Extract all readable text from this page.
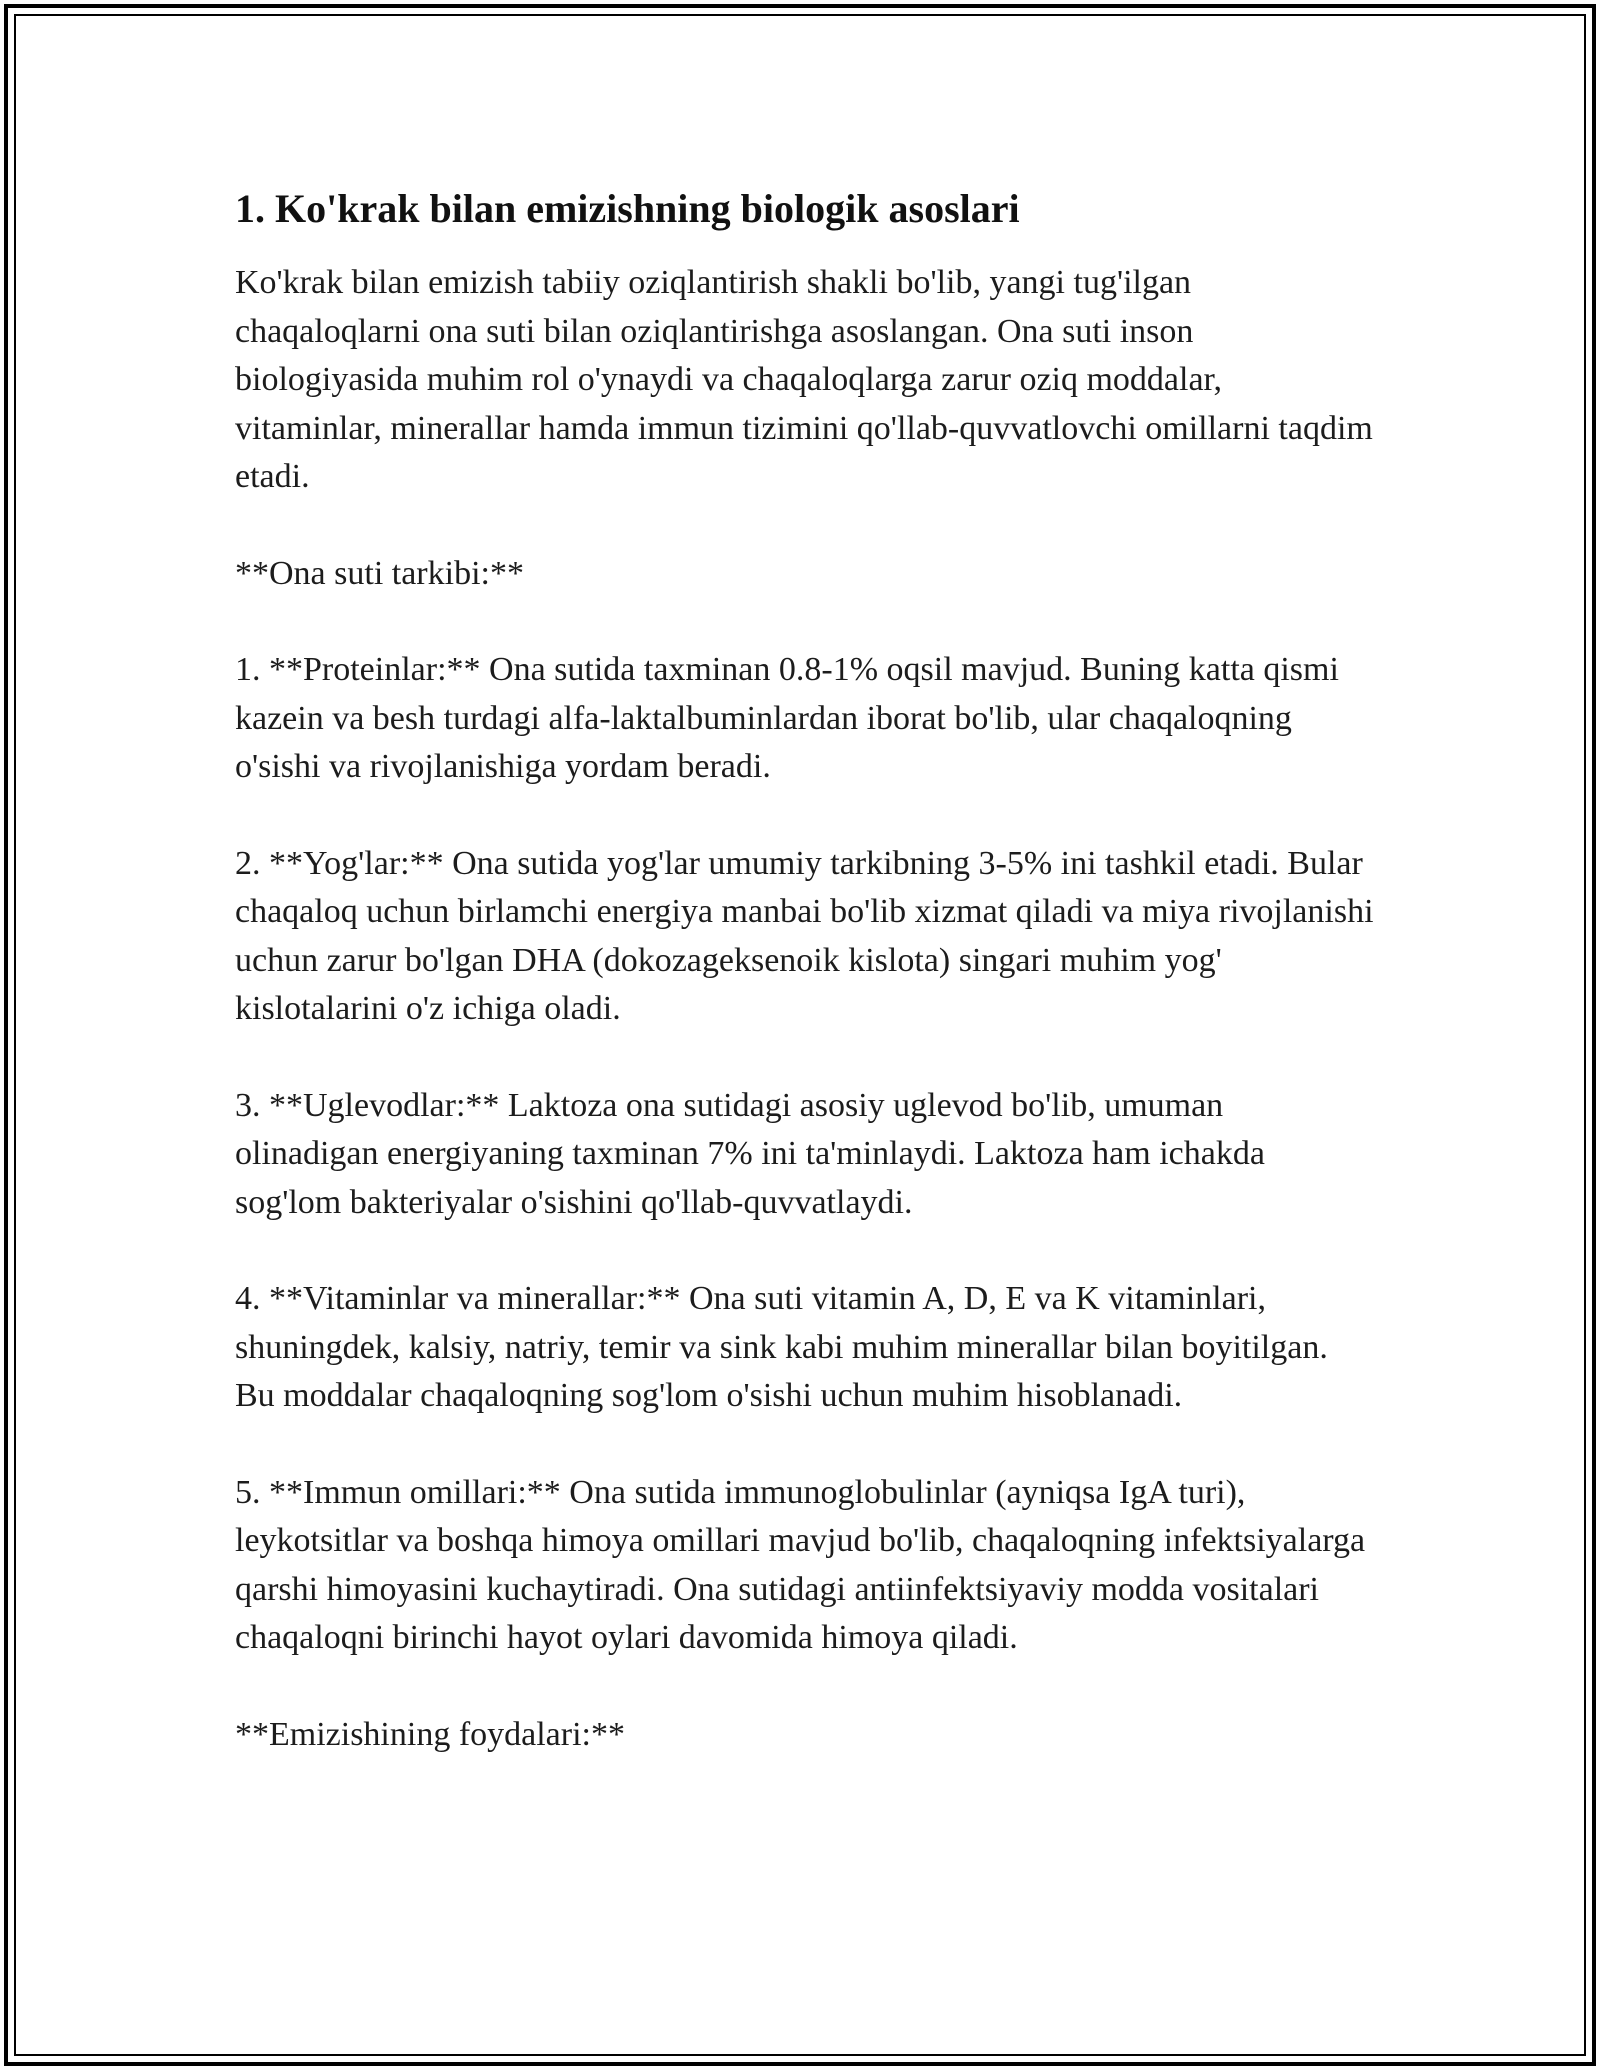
1. Ko'krak bilan emizishning biologik asoslari

Ko'krak bilan emizish tabiiy oziqlantirish shakli bo'lib, yangi tug'ilgan chaqaloqlarni ona suti bilan oziqlantirishga asoslangan. Ona suti inson biologiyasida muhim rol o'ynaydi va chaqaloqlarga zarur oziq moddalar, vitaminlar, minerallar hamda immun tizimini qo'llab-quvvatlovchi omillarni taqdim etadi.

**Ona suti tarkibi:**

1. **Proteinlar:** Ona sutida taxminan 0.8-1% oqsil mavjud. Buning katta qismi kazein va besh turdagi alfa-laktalbuminlardan iborat bo'lib, ular chaqaloqning o'sishi va rivojlanishiga yordam beradi.

2. **Yog'lar:** Ona sutida yog'lar umumiy tarkibning 3-5% ini tashkil etadi. Bular chaqaloq uchun birlamchi energiya manbai bo'lib xizmat qiladi va miya rivojlanishi uchun zarur bo'lgan DHA (dokozageksenoik kislota) singari muhim yog' kislotalarini o'z ichiga oladi.

3. **Uglevodlar:** Laktoza ona sutidagi asosiy uglevod bo'lib, umuman olinadigan energiyaning taxminan 7% ini ta'minlaydi. Laktoza ham ichakda sog'lom bakteriyalar o'sishini qo'llab-quvvatlaydi.

4. **Vitaminlar va minerallar:** Ona suti vitamin A, D, E va K vitaminlari, shuningdek, kalsiy, natriy, temir va sink kabi muhim minerallar bilan boyitilgan. Bu moddalar chaqaloqning sog'lom o'sishi uchun muhim hisoblanadi.

5. **Immun omillari:** Ona sutida immunoglobulinlar (ayniqsa IgA turi), leykotsitlar va boshqa himoya omillari mavjud bo'lib, chaqaloqning infektsiyalarga qarshi himoyasini kuchaytiradi. Ona sutidagi antiinfektsiyaviy modda vositalari chaqaloqni birinchi hayot oylari davomida himoya qiladi.

**Emizishining foydalari:**
